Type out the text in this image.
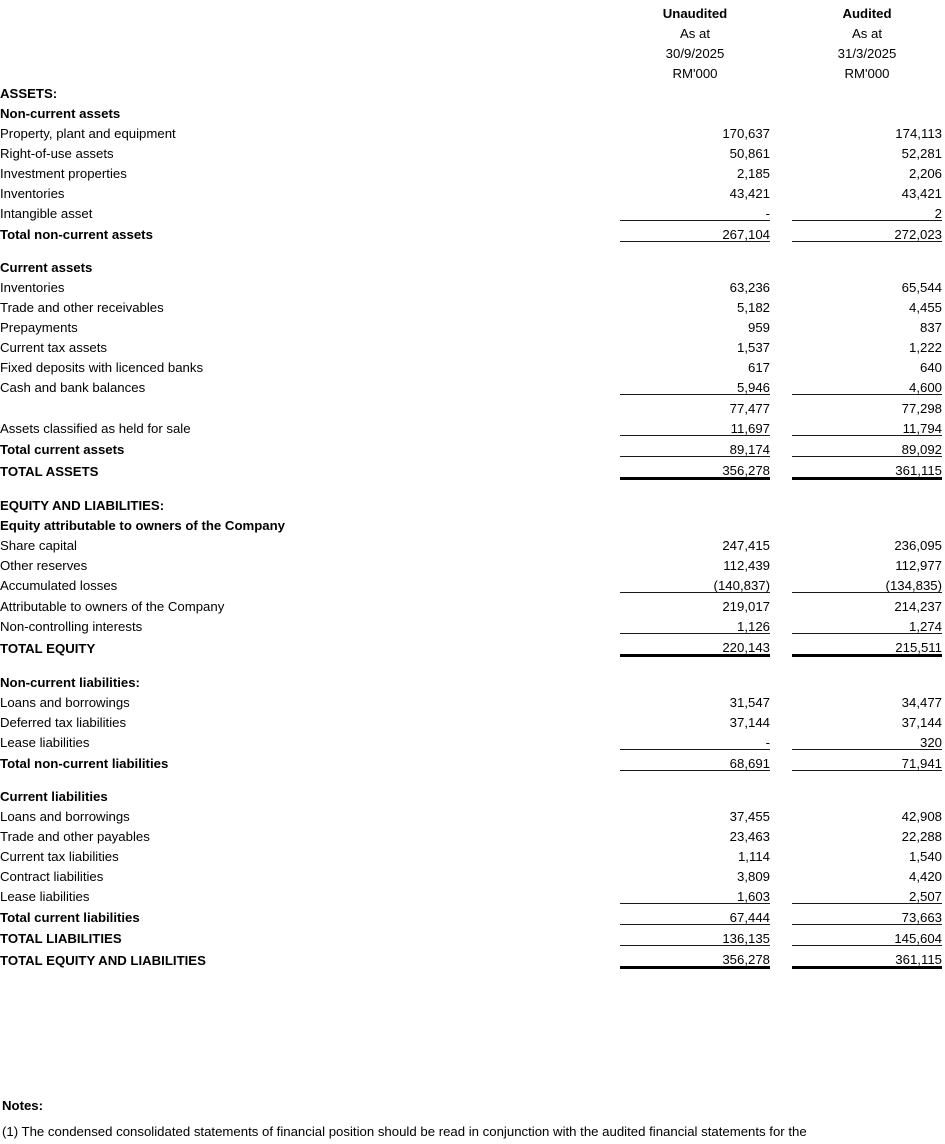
		Unaudited		Audited	
		As at		As at	
		30/9/2025		31/3/2025	
		RM'000		RM'000	
ASSETS:					
Non-current assets					
Property, plant and equipment		170,637		174,113	
Right-of-use assets		50,861		52,281	
Investment properties		2,185		2,206	
Inventories		43,421		43,421	
Intangible asset		-		2	
Total non-current assets		267,104		272,023	

Current assets					
Inventories		63,236		65,544	
Trade and other receivables		5,182		4,455	
Prepayments		959		837	
Current tax assets		1,537		1,222	
Fixed deposits with licenced banks		617		640	
Cash and bank balances		5,946		4,600	
		77,477		77,298	
Assets classified as held for sale		11,697		11,794	
Total current assets		89,174		89,092	
TOTAL ASSETS		356,278		361,115	

EQUITY AND LIABILITIES:					
Equity attributable to owners of the Company					
Share capital		247,415		236,095	
Other reserves		112,439		112,977	
Accumulated losses		(140,837)		(134,835)	
Attributable to owners of the Company		219,017		214,237	
Non-controlling interests		1,126		1,274	
TOTAL EQUITY		220,143		215,511	

Non-current liabilities:					
Loans and borrowings		31,547		34,477	
Deferred tax liabilities		37,144		37,144	
Lease liabilities		-		320	
Total non-current liabilities		68,691		71,941	

Current liabilities					
Loans and borrowings		37,455		42,908	
Trade and other payables		23,463		22,288	
Current tax liabilities		1,114		1,540	
Contract liabilities		3,809		4,420	
Lease liabilities		1,603		2,507	
Total current liabilities		67,444		73,663	
TOTAL LIABILITIES		136,135		145,604	
TOTAL EQUITY AND LIABILITIES		356,278		361,115	
Notes:
(1) The condensed consolidated statements of financial position should be read in conjunction with the audited financial statements for the
